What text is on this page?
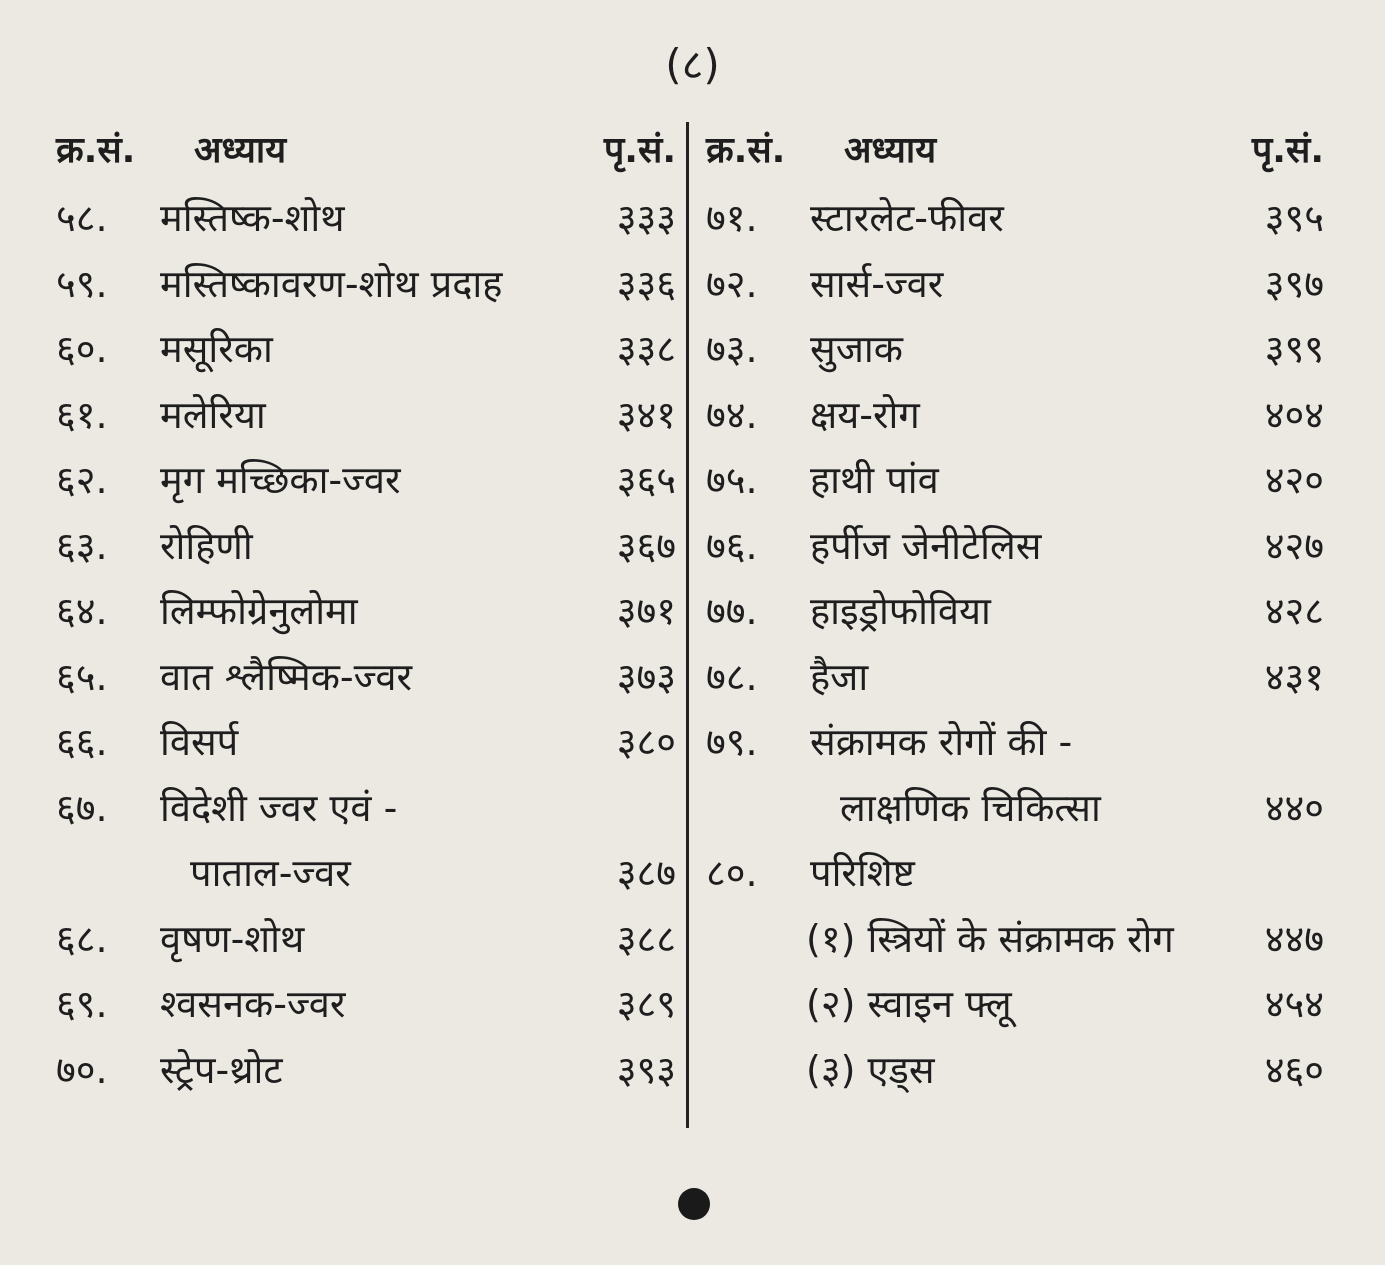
(८)
क्र.सं. अध्याय	पृ.सं.
५८. मस्तिष्क-शोथ	३३३
५९. मस्तिष्कावरण-शोथ प्रदाह	३३६
६०. मसूरिका	३३८
६१. मलेरिया	३४१
६२. मृग मच्छिका-ज्वर	३६५
६३. रोहिणी	३६७
६४. लिम्फोग्रेनुलोमा	३७१
६५. वात श्लैष्मिक-ज्वर	३७३
६६. विसर्प	३८०
६७. विदेशी ज्वर एवं -
पाताल-ज्वर	३८७
६८. वृषण-शोथ	३८८
६९. श्वसनक-ज्वर	३८९
७०. स्ट्रेप-थ्रोट	३९३
क्र.सं. अध्याय	पृ.सं.
७१. स्टारलेट-फीवर	३९५
७२. सार्स-ज्वर	३९७
७३. सुजाक	३९९
७४. क्षय-रोग	४०४
७५. हाथी पांव	४२०
७६. हर्पीज जेनीटेलिस	४२७
७७. हाइड्रोफोविया	४२८
७८. हैजा	४३१
७९. संक्रामक रोगों की -
लाक्षणिक चिकित्सा	४४०
८०. परिशिष्ट
(१) स्त्रियों के संक्रामक रोग ४४७
(२) स्वाइन फ्लू	४५४
(३) एड्स	४६०
